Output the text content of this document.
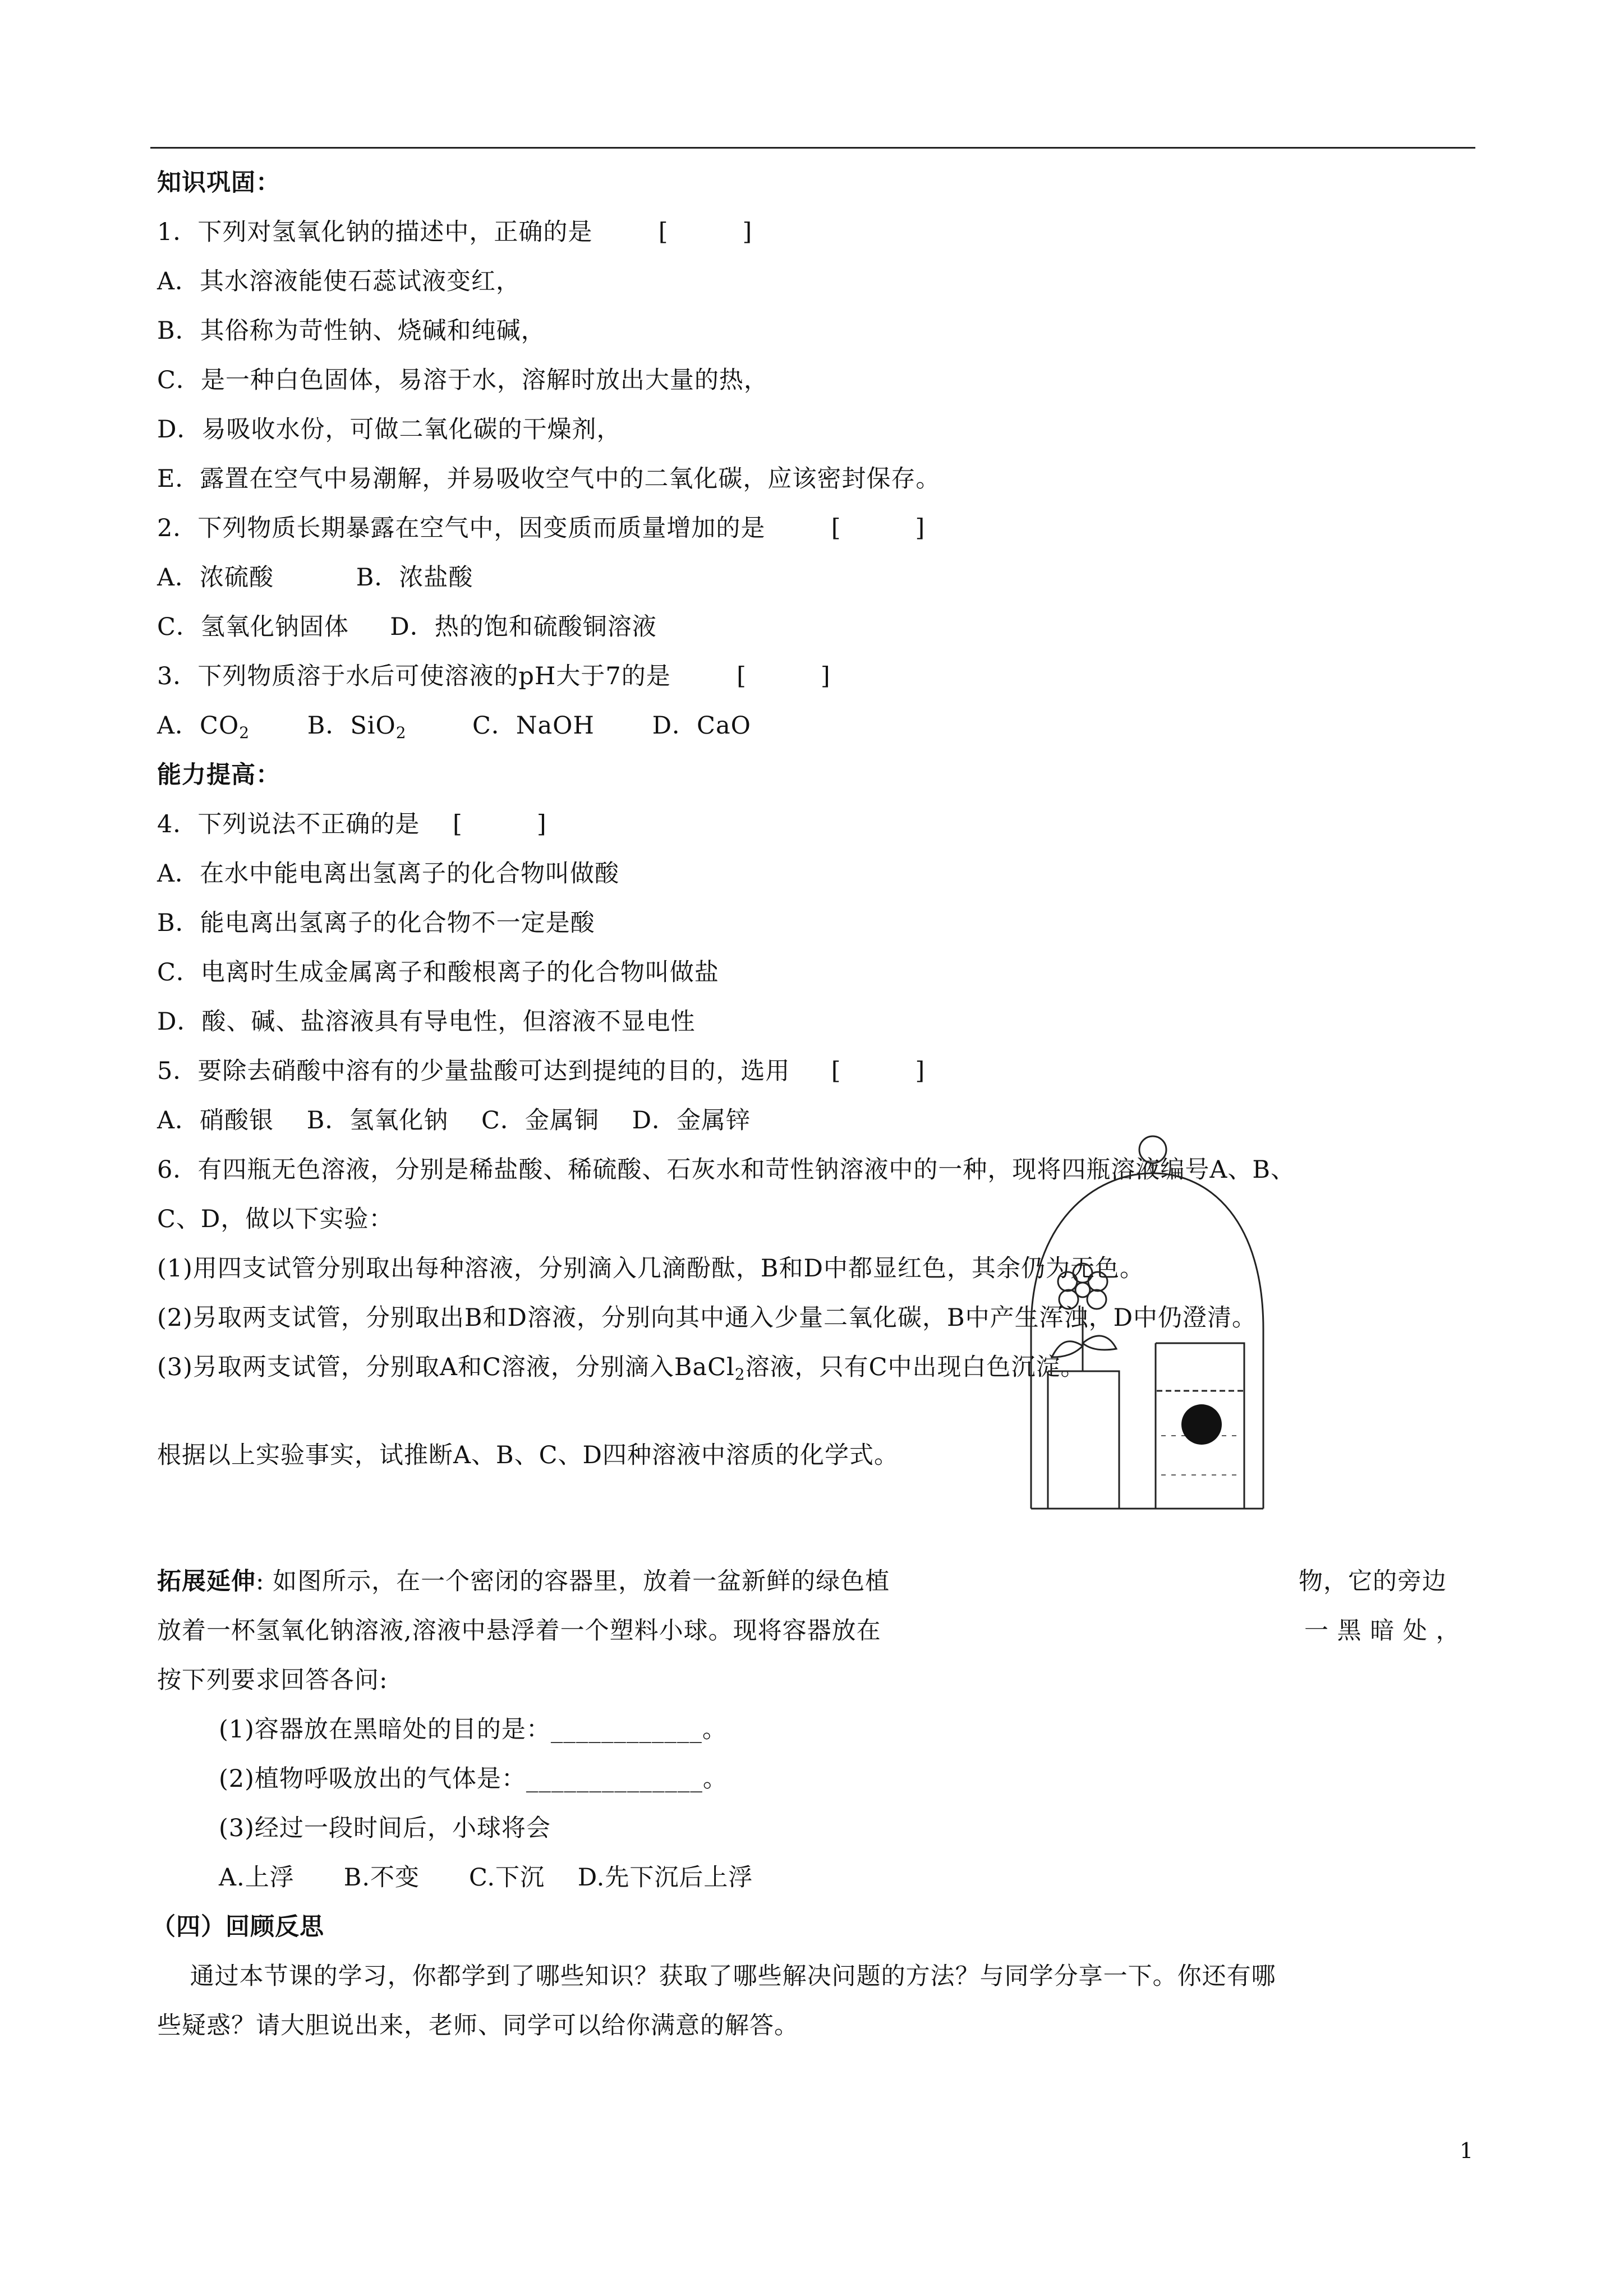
知识巩固：
1．下列对氢氧化钠的描述中，正确的是        [         ]
A．其水溶液能使石蕊试液变红，
B．其俗称为苛性钠、烧碱和纯碱，
C．是一种白色固体，易溶于水，溶解时放出大量的热，
D．易吸收水份，可做二氧化碳的干燥剂，
E．露置在空气中易潮解，并易吸收空气中的二氧化碳，应该密封保存。
2．下列物质长期暴露在空气中，因变质而质量增加的是        [         ]
A．浓硫酸          B．浓盐酸
C．氢氧化钠固体     D．热的饱和硫酸铜溶液
3．下列物质溶于水后可使溶液的pH大于7的是        [         ]
A．$CO_2$       B．SiO$_2$        C．NaOH       D．CaO
能力提高：
4．下列说法不正确的是    [         ]
A．在水中能电离出氢离子的化合物叫做酸
B．能电离出氢离子的化合物不一定是酸
C．电离时生成金属离子和酸根离子的化合物叫做盐
D．酸、碱、盐溶液具有导电性，但溶液不显电性
5．要除去硝酸中溶有的少量盐酸可达到提纯的目的，选用     [         ]
A．硝酸银    B．氢氧化钠    C．金属铜    D．金属锌
6．有四瓶无色溶液，分别是稀盐酸、稀硫酸、石灰水和苛性钠溶液中的一种，现将四瓶溶液编号A、B、
C、D，做以下实验：
(1)用四支试管分别取出每种溶液，分别滴入几滴酚酞，B和D中都显红色，其余仍为无色。
(2)另取两支试管，分别取出B和D溶液，分别向其中通入少量二氧化碳，B中产生浑浊，D中仍澄清。
(3)另取两支试管，分别取A和C溶液，分别滴入BaCl$_2$溶液，只有C中出现白色沉淀。
根据以上实验事实，试推断A、B、C、D四种溶液中溶质的化学式。
拓展延伸: 如图所示，在一个密闭的容器里，放着一盆新鲜的绿色植	物，它的旁边
放着一杯氢氧化钠溶液,溶液中悬浮着一个塑料小球。现将容器放在	一 黑 暗 处 ，
按下列要求回答各问:
(1)容器放在黑暗处的目的是：____________。
(2)植物呼吸放出的气体是：______________。
(3)经过一段时间后，小球将会
A.上浮      B.不变      C.下沉    D.先下沉后上浮
（四）回顾反思
通过本节课的学习，你都学到了哪些知识？获取了哪些解决问题的方法？与同学分享一下。你还有哪
些疑惑？请大胆说出来，老师、同学可以给你满意的解答。
1
